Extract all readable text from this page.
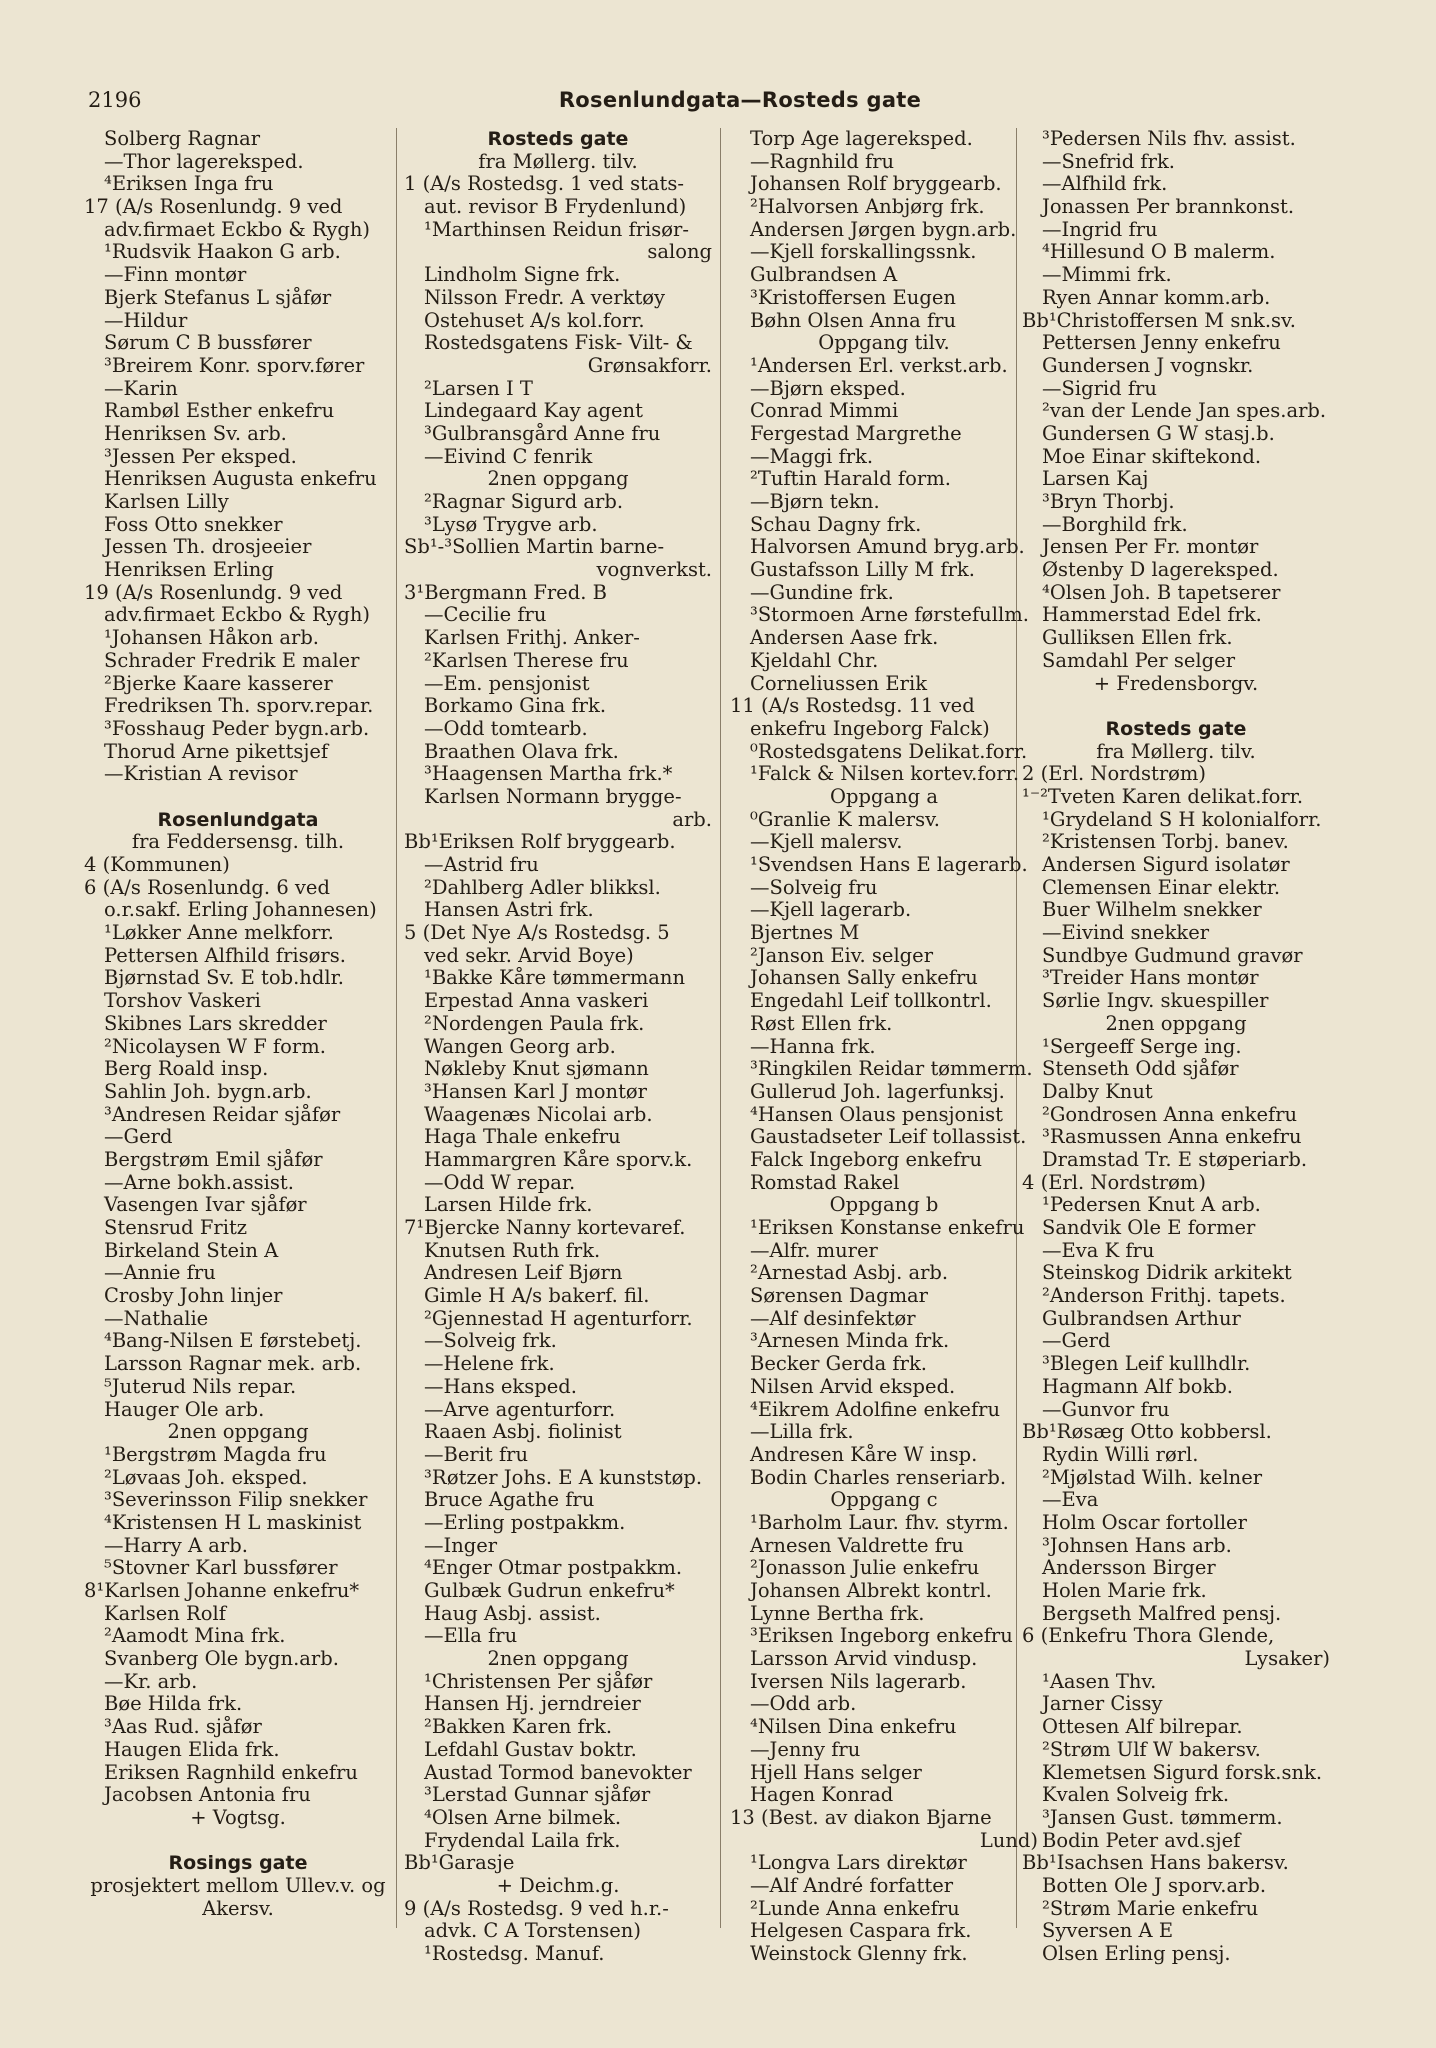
2196	Rosenlundgata—Rosteds gate
Solberg Ragnar
—Thor lagereksped.
⁴Eriksen Inga fru
17 (A/s Rosenlundg. 9 ved
adv.firmaet Eckbo & Rygh)
¹Rudsvik Haakon G arb.
—Finn montør
Bjerk Stefanus L sjåfør
—Hildur
Sørum C B bussfører
³Breirem Konr. sporv.fører
—Karin
Rambøl Esther enkefru
Henriksen Sv. arb.
³Jessen Per eksped.
Henriksen Augusta enkefru
Karlsen Lilly
Foss Otto snekker
Jessen Th. drosjeeier
Henriksen Erling
19 (A/s Rosenlundg. 9 ved
adv.firmaet Eckbo & Rygh)
¹Johansen Håkon arb.
Schrader Fredrik E maler
²Bjerke Kaare kasserer
Fredriksen Th. sporv.repar.
³Fosshaug Peder bygn.arb.
Thorud Arne pikettsjef
—Kristian A revisor
Rosenlundgata
fra Feddersensg. tilh.
4 (Kommunen)
6 (A/s Rosenlundg. 6 ved
o.r.sakf. Erling Johannesen)
¹Løkker Anne melkforr.
Pettersen Alfhild frisørs.
Bjørnstad Sv. E tob.hdlr.
Torshov Vaskeri
Skibnes Lars skredder
²Nicolaysen W F form.
Berg Roald insp.
Sahlin Joh. bygn.arb.
³Andresen Reidar sjåfør
—Gerd
Bergstrøm Emil sjåfør
—Arne bokh.assist.
Vasengen Ivar sjåfør
Stensrud Fritz
Birkeland Stein A
—Annie fru
Crosby John linjer
—Nathalie
⁴Bang-Nilsen E førstebetj.
Larsson Ragnar mek. arb.
⁵Juterud Nils repar.
Hauger Ole arb.
2nen oppgang
¹Bergstrøm Magda fru
²Løvaas Joh. eksped.
³Severinsson Filip snekker
⁴Kristensen H L maskinist
—Harry A arb.
⁵Stovner Karl bussfører
8¹Karlsen Johanne enkefru*
Karlsen Rolf
²Aamodt Mina frk.
Svanberg Ole bygn.arb.
—Kr. arb.
Bøe Hilda frk.
³Aas Rud. sjåfør
Haugen Elida frk.
Eriksen Ragnhild enkefru
Jacobsen Antonia fru
+ Vogtsg.
Rosings gate
prosjektert mellom Ullev.v. og
Akersv.
Rosteds gate
fra Møllerg. tilv.
1 (A/s Rostedsg. 1 ved stats-
aut. revisor B Frydenlund)
¹Marthinsen Reidun frisør-
salong
Lindholm Signe frk.
Nilsson Fredr. A verktøy
Ostehuset A/s kol.forr.
Rostedsgatens Fisk- Vilt- &
Grønsakforr.
²Larsen I T
Lindegaard Kay agent
³Gulbransgård Anne fru
—Eivind C fenrik
2nen oppgang
²Ragnar Sigurd arb.
³Lysø Trygve arb.
Sb¹-³Sollien Martin barne-
vognverkst.
3¹Bergmann Fred. B
—Cecilie fru
Karlsen Frithj. Anker-
²Karlsen Therese fru
—Em. pensjonist
Borkamo Gina frk.
—Odd tomtearb.
Braathen Olava frk.
³Haagensen Martha frk.*
Karlsen Normann brygge-
arb.
Bb¹Eriksen Rolf bryggearb.
—Astrid fru
²Dahlberg Adler blikksl.
Hansen Astri frk.
5 (Det Nye A/s Rostedsg. 5
ved sekr. Arvid Boye)
¹Bakke Kåre tømmermann
Erpestad Anna vaskeri
²Nordengen Paula frk.
Wangen Georg arb.
Nøkleby Knut sjømann
³Hansen Karl J montør
Waagenæs Nicolai arb.
Haga Thale enkefru
Hammargren Kåre sporv.k.
—Odd W repar.
Larsen Hilde frk.
7¹Bjercke Nanny kortevaref.
Knutsen Ruth frk.
Andresen Leif Bjørn
Gimle H A/s bakerf. fil.
²Gjennestad H agenturforr.
—Solveig frk.
—Helene frk.
—Hans eksped.
—Arve agenturforr.
Raaen Asbj. fiolinist
—Berit fru
³Røtzer Johs. E A kunststøp.
Bruce Agathe fru
—Erling postpakkm.
—Inger
⁴Enger Otmar postpakkm.
Gulbæk Gudrun enkefru*
Haug Asbj. assist.
—Ella fru
2nen oppgang
¹Christensen Per sjåfør
Hansen Hj. jerndreier
²Bakken Karen frk.
Lefdahl Gustav boktr.
Austad Tormod banevokter
³Lerstad Gunnar sjåfør
⁴Olsen Arne bilmek.
Frydendal Laila frk.
Bb¹Garasje
+ Deichm.g.
9 (A/s Rostedsg. 9 ved h.r.-
advk. C A Torstensen)
¹Rostedsg. Manuf.
Torp Age lagereksped.
—Ragnhild fru
Johansen Rolf bryggearb.
²Halvorsen Anbjørg frk.
Andersen Jørgen bygn.arb.
—Kjell forskallingssnk.
Gulbrandsen A
³Kristoffersen Eugen
Bøhn Olsen Anna fru
Oppgang tilv.
¹Andersen Erl. verkst.arb.
—Bjørn eksped.
Conrad Mimmi
Fergestad Margrethe
—Maggi frk.
²Tuftin Harald form.
—Bjørn tekn.
Schau Dagny frk.
Halvorsen Amund bryg.arb.
Gustafsson Lilly M frk.
—Gundine frk.
³Stormoen Arne førstefullm.
Andersen Aase frk.
Kjeldahl Chr.
Corneliussen Erik
11 (A/s Rostedsg. 11 ved
enkefru Ingeborg Falck)
⁰Rostedsgatens Delikat.forr.
¹Falck & Nilsen kortev.forr.
Oppgang a
⁰Granlie K malersv.
—Kjell malersv.
¹Svendsen Hans E lagerarb.
—Solveig fru
—Kjell lagerarb.
Bjertnes M
²Janson Eiv. selger
Johansen Sally enkefru
Engedahl Leif tollkontrl.
Røst Ellen frk.
—Hanna frk.
³Ringkilen Reidar tømmerm.
Gullerud Joh. lagerfunksj.
⁴Hansen Olaus pensjonist
Gaustadseter Leif tollassist.
Falck Ingeborg enkefru
Romstad Rakel
Oppgang b
¹Eriksen Konstanse enkefru
—Alfr. murer
²Arnestad Asbj. arb.
Sørensen Dagmar
—Alf desinfektør
³Arnesen Minda frk.
Becker Gerda frk.
Nilsen Arvid eksped.
⁴Eikrem Adolfine enkefru
—Lilla frk.
Andresen Kåre W insp.
Bodin Charles renseriarb.
Oppgang c
¹Barholm Laur. fhv. styrm.
Arnesen Valdrette fru
²Jonasson Julie enkefru
Johansen Albrekt kontrl.
Lynne Bertha frk.
³Eriksen Ingeborg enkefru
Larsson Arvid vindusp.
Iversen Nils lagerarb.
—Odd arb.
⁴Nilsen Dina enkefru
—Jenny fru
Hjell Hans selger
Hagen Konrad
13 (Best. av diakon Bjarne
Lund)
¹Longva Lars direktør
—Alf André forfatter
²Lunde Anna enkefru
Helgesen Caspara frk.
Weinstock Glenny frk.
³Pedersen Nils fhv. assist.
—Snefrid frk.
—Alfhild frk.
Jonassen Per brannkonst.
—Ingrid fru
⁴Hillesund O B malerm.
—Mimmi frk.
Ryen Annar komm.arb.
Bb¹Christoffersen M snk.sv.
Pettersen Jenny enkefru
Gundersen J vognskr.
—Sigrid fru
²van der Lende Jan spes.arb.
Gundersen G W stasj.b.
Moe Einar skiftekond.
Larsen Kaj
³Bryn Thorbj.
—Borghild frk.
Jensen Per Fr. montør
Østenby D lagereksped.
⁴Olsen Joh. B tapetserer
Hammerstad Edel frk.
Gulliksen Ellen frk.
Samdahl Per selger
+ Fredensborgv.
Rosteds gate
fra Møllerg. tilv.
2 (Erl. Nordstrøm)
¹⁻²Tveten Karen delikat.forr.
¹Grydeland S H kolonialforr.
²Kristensen Torbj. banev.
Andersen Sigurd isolatør
Clemensen Einar elektr.
Buer Wilhelm snekker
—Eivind snekker
Sundbye Gudmund gravør
³Treider Hans montør
Sørlie Ingv. skuespiller
2nen oppgang
¹Sergeeff Serge ing.
Stenseth Odd sjåfør
Dalby Knut
²Gondrosen Anna enkefru
³Rasmussen Anna enkefru
Dramstad Tr. E støperiarb.
4 (Erl. Nordstrøm)
¹Pedersen Knut A arb.
Sandvik Ole E former
—Eva K fru
Steinskog Didrik arkitekt
²Anderson Frithj. tapets.
Gulbrandsen Arthur
—Gerd
³Blegen Leif kullhdlr.
Hagmann Alf bokb.
—Gunvor fru
Bb¹Røsæg Otto kobbersl.
Rydin Willi rørl.
²Mjølstad Wilh. kelner
—Eva
Holm Oscar fortoller
³Johnsen Hans arb.
Andersson Birger
Holen Marie frk.
Bergseth Malfred pensj.
6 (Enkefru Thora Glende,
Lysaker)
¹Aasen Thv.
Jarner Cissy
Ottesen Alf bilrepar.
²Strøm Ulf W bakersv.
Klemetsen Sigurd forsk.snk.
Kvalen Solveig frk.
³Jansen Gust. tømmerm.
Bodin Peter avd.sjef
Bb¹Isachsen Hans bakersv.
Botten Ole J sporv.arb.
²Strøm Marie enkefru
Syversen A E
Olsen Erling pensj.
